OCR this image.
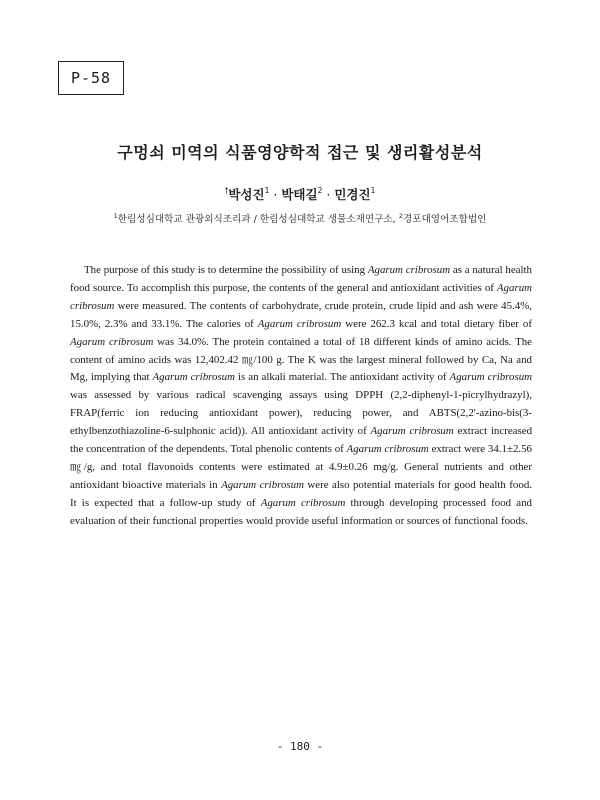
P-58
구멍쇠 미역의 식품영양학적 접근 및 생리활성분석
†박성진$^1$ · 박태길$^2$ · 민경진$^1$
$^1$한림성심대학교 관광외식조리과 / 한림성심대학교 생물소재연구소, $^2$경포대영어조합법인

The purpose of this study is to determine the possibility of using Agarum cribrosum as a natural health food source. To accomplish this purpose, the contents of the general and antioxidant activities of Agarum cribrosum were measured. The contents of carbohydrate, crude protein, crude lipid and ash were 45.4%, 15.0%, 2.3% and 33.1%. The calories of Agarum cribrosum were 262.3 kcal and total dietary fiber of Agarum cribrosum was 34.0%. The protein contained a total of 18 different kinds of amino acids. The content of amino acids was 12,402.42 ㎎/100 g. The K was the largest mineral followed by Ca, Na and Mg, implying that Agarum cribrosum is an alkali material. The antioxidant activity of Agarum cribrosum was assessed by various radical scavenging assays using DPPH (2,2-diphenyl-1-picrylhydrazyl), FRAP(ferric ion reducing antioxidant power), reducing power, and ABTS(2,2'-azino-bis(3-ethylbenzothiazoline-6-sulphonic acid)). All antioxidant activity of Agarum cribrosum extract increased the concentration of the dependents. Total phenolic contents of Agarum cribrosum extract were 34.1±2.56 ㎎/g, and total flavonoids contents were estimated at 4.9±0.26 mg/g. General nutrients and other antioxidant bioactive materials in Agarum cribrosum were also potential materials for good health food. It is expected that a follow-up study of Agarum cribrosum through developing processed food and evaluation of their functional properties would provide useful information or sources of functional foods.

- 180 -
